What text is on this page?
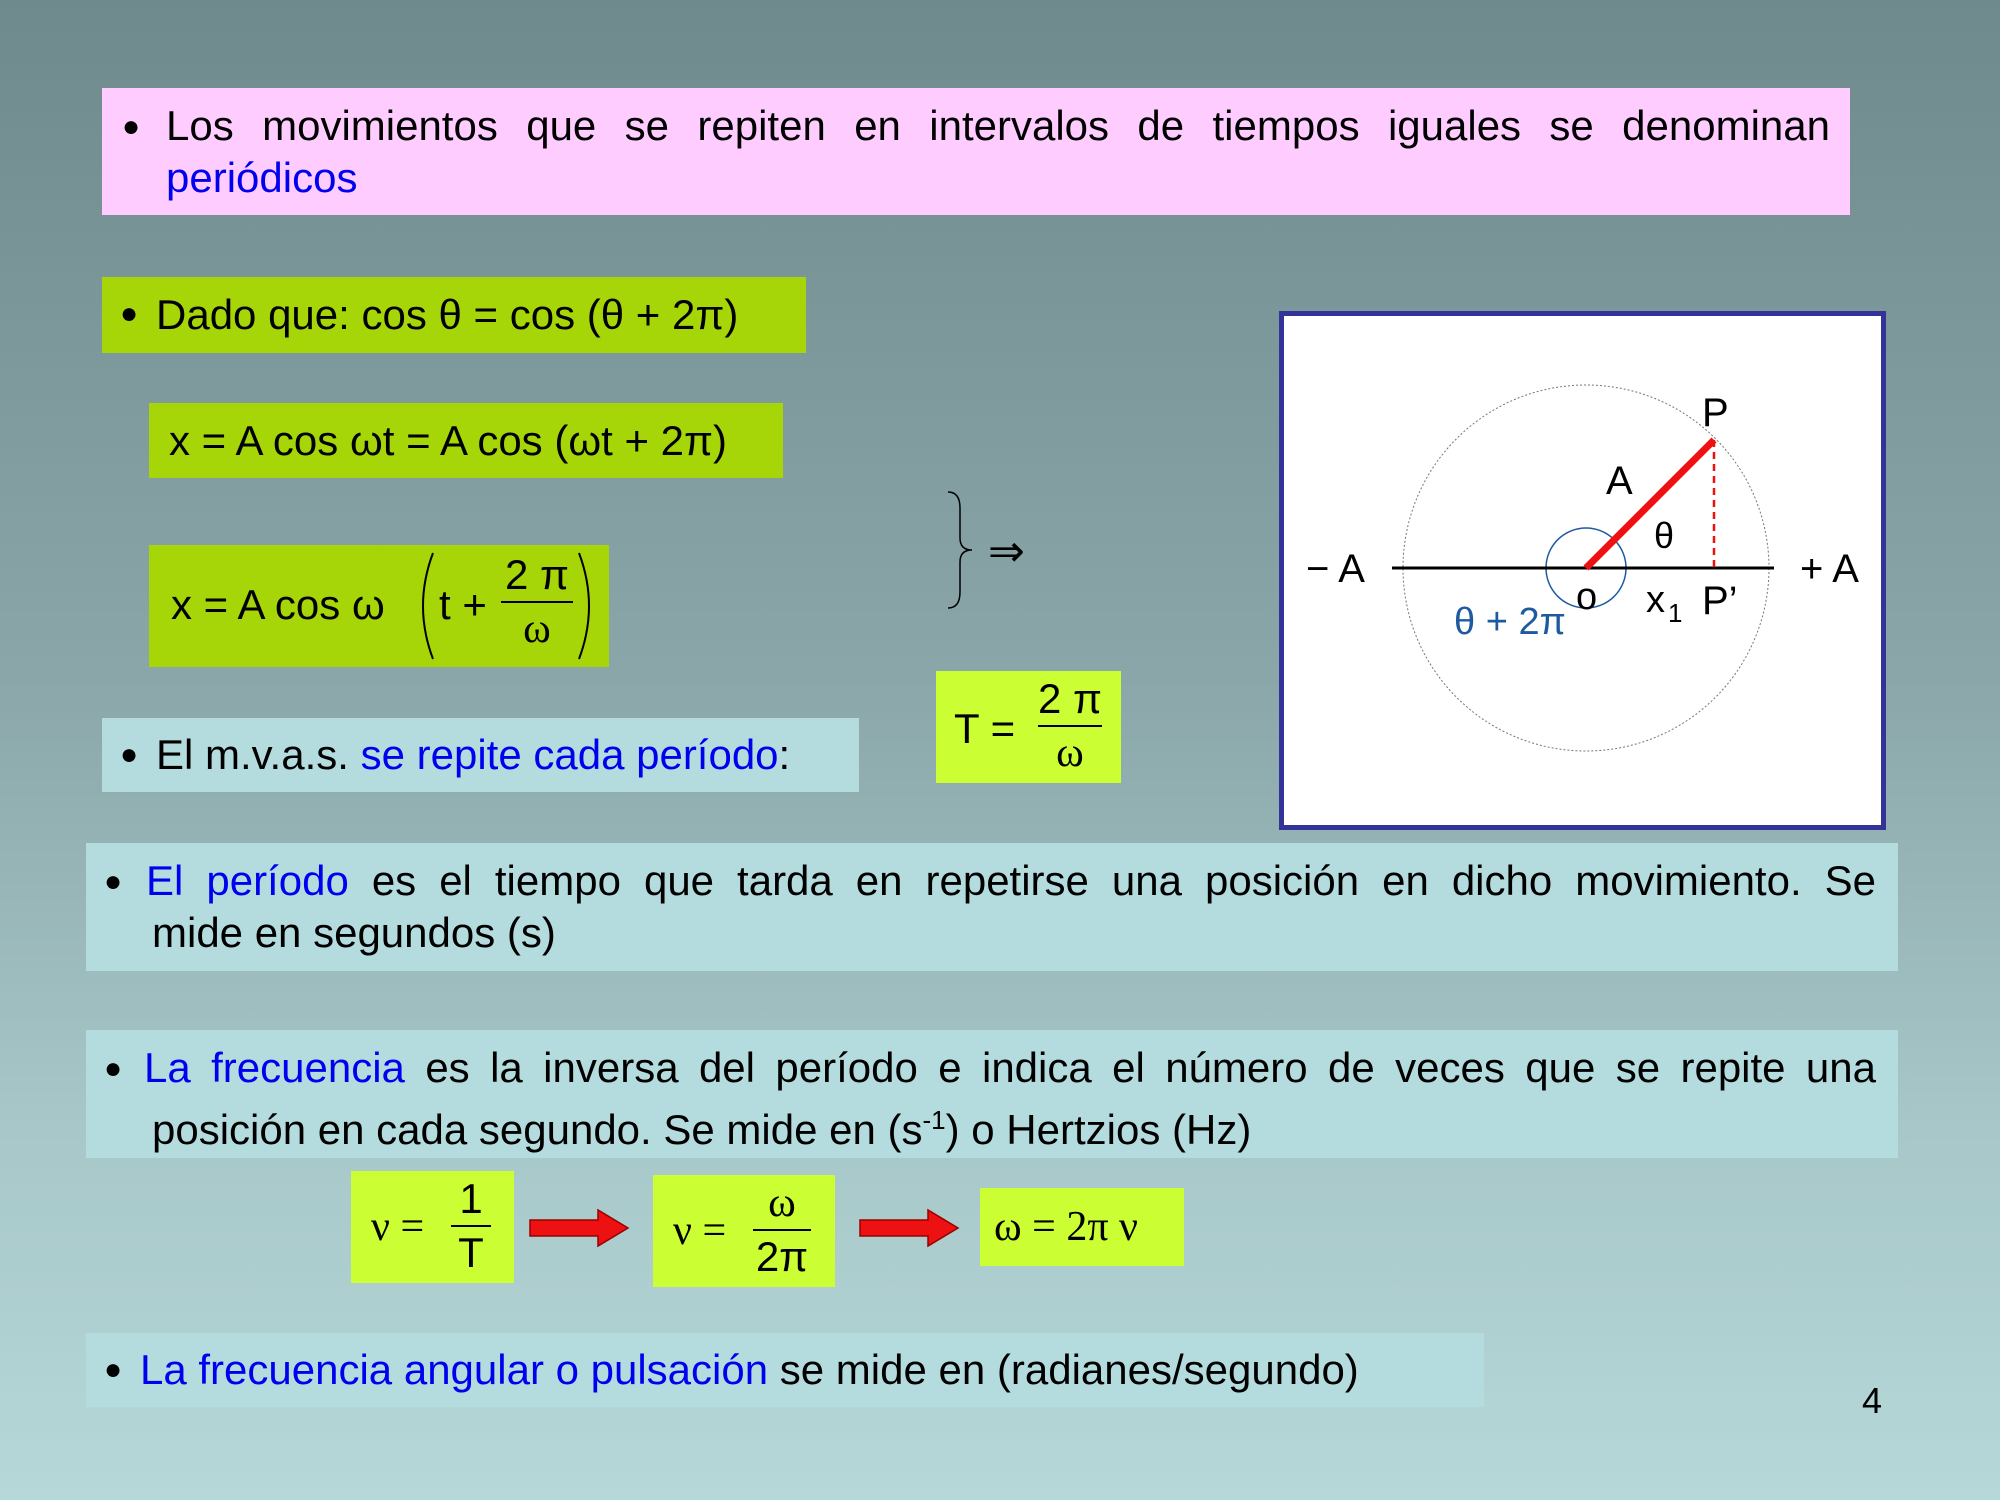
● Los movimientos que se repiten en intervalos de tiempos iguales se denominan
periódicos
● Dado que: cos θ = cos (θ + 2π)
x = A cos ωt = A cos (ωt + 2π)
x = A cos ω $t + \frac{2 \pi}{\omega}$	⇒
$T = \frac{2 \pi}{\omega}$
● El m.v.a.s. se repite cada período:
P
A
θ
− A	+ A
o x 1 P’
θ + 2π
● El período es el tiempo que tarda en repetirse una posición en dicho movimiento. Se
mide en segundos (s)
● La frecuencia es la inversa del período e indica el número de veces que se repite una
posición en cada segundo. Se mide en $(s^{-1})$ o Hertzios (Hz)
$\nu = \frac{1}{T}$	$\nu = \frac{\omega}{2\pi}$	ω = 2π ν
● La frecuencia angular o pulsación se mide en (radianes/segundo)
4
